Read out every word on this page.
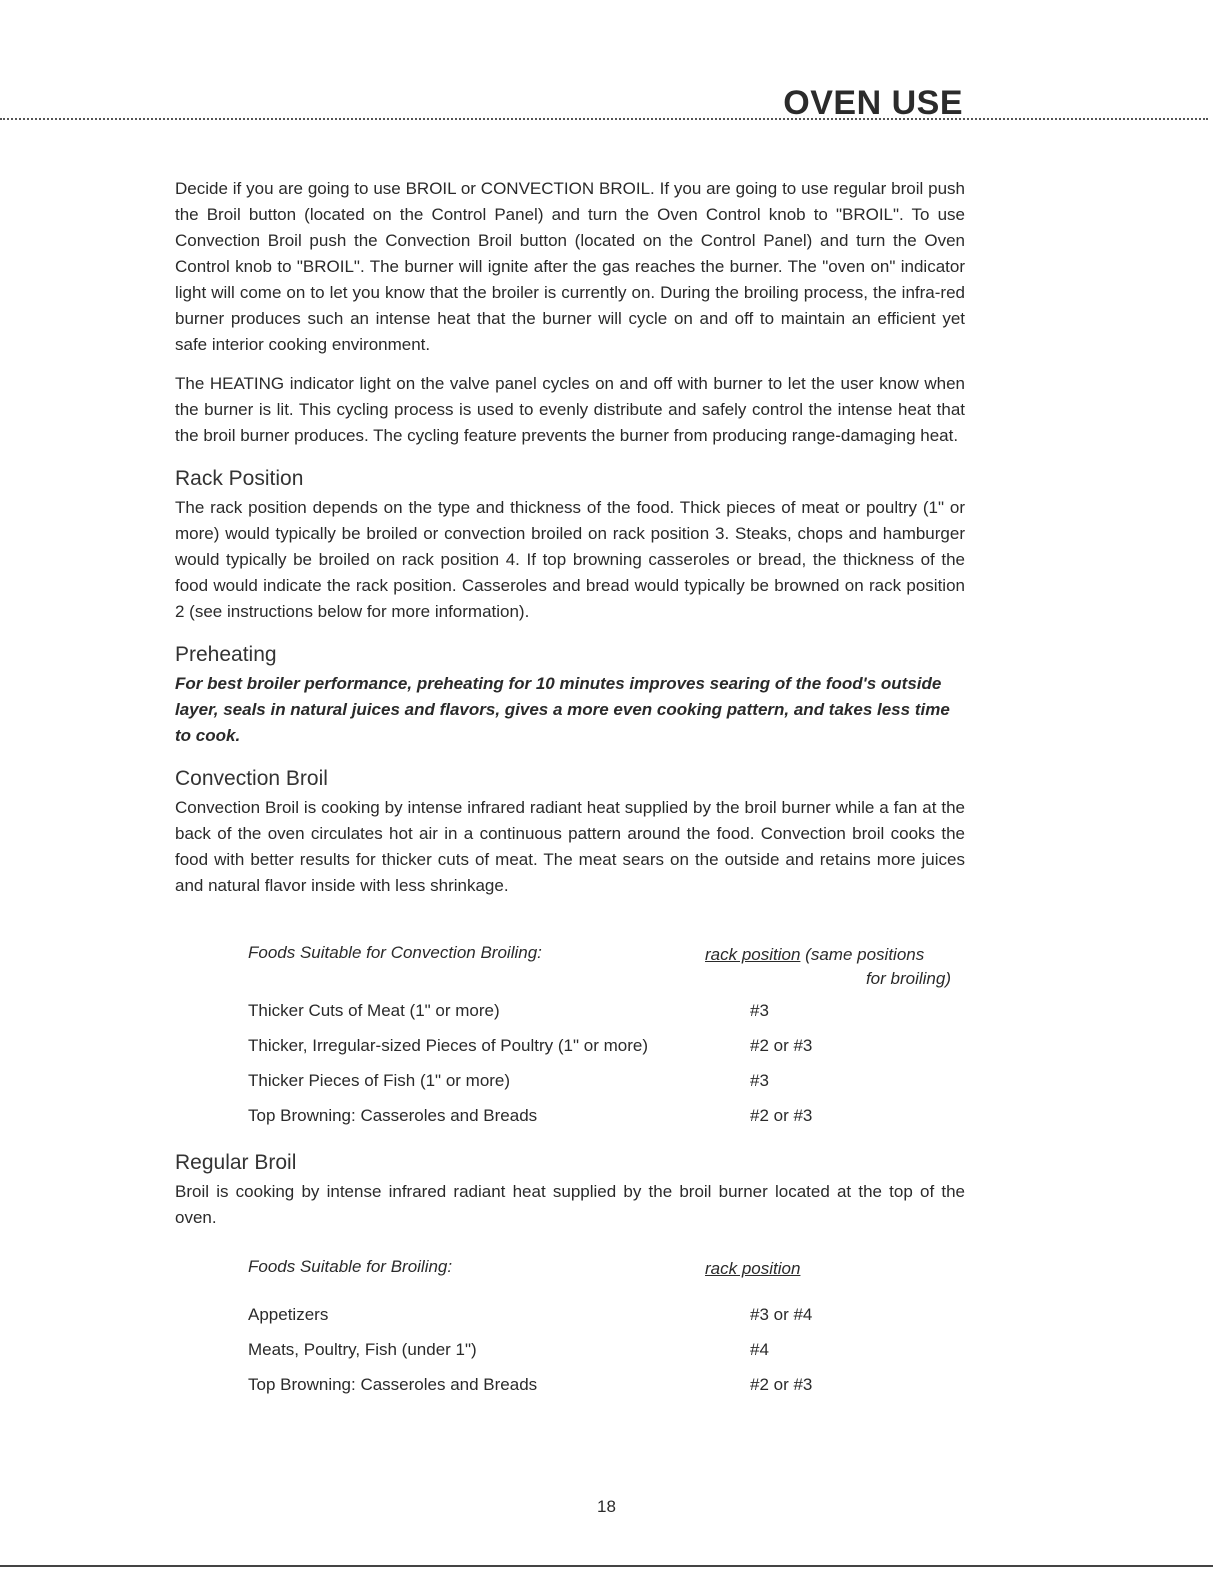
OVEN USE

Decide if you are going to use BROIL or CONVECTION BROIL. If you are going to use regular broil push the Broil button (located on the Control Panel) and turn the Oven Control knob to "BROIL". To use Convection Broil push the Convection Broil button (located on the Control Panel) and turn the Oven Control knob to "BROIL". The burner will ignite after the gas reaches the burner. The "oven on" indicator light will come on to let you know that the broiler is currently on. During the broiling process, the infra-red burner produces such an intense heat that the burner will cycle on and off to maintain an efficient yet safe interior cooking environment.

The HEATING indicator light on the valve panel cycles on and off with burner to let the user know when the burner is lit. This cycling process is used to evenly distribute and safely control the intense heat that the broil burner produces. The cycling feature prevents the burner from producing range-damaging heat.

Rack Position

The rack position depends on the type and thickness of the food. Thick pieces of meat or poultry (1" or more) would typically be broiled or convection broiled on rack position 3. Steaks, chops and hamburger would typically be broiled on rack position 4. If top browning casseroles or bread, the thickness of the food would indicate the rack position. Casseroles and bread would typically be browned on rack position 2 (see instructions below for more information).

Preheating

For best broiler performance, preheating for 10 minutes improves searing of the food's outside layer, seals in natural juices and flavors, gives a more even cooking pattern, and takes less time to cook.

Convection Broil

Convection Broil is cooking by intense infrared radiant heat supplied by the broil burner while a fan at the back of the oven circulates hot air in a continuous pattern around the food. Convection broil cooks the food with better results for thicker cuts of meat. The meat sears on the outside and retains more juices and natural flavor inside with less shrinkage.

Foods Suitable for Convection Broiling:	rack position (same positions
for broiling)
Thicker Cuts of Meat (1" or more)	#3
Thicker, Irregular-sized Pieces of Poultry (1" or more)	#2 or #3
Thicker Pieces of Fish (1" or more)	#3
Top Browning: Casseroles and Breads	#2 or #3
Regular Broil

Broil is cooking by intense infrared radiant heat supplied by the broil burner located at the top of the oven.

Foods Suitable for Broiling:	rack position
Appetizers	#3 or #4
Meats, Poultry, Fish (under 1")	#4
Top Browning: Casseroles and Breads	#2 or #3
18
